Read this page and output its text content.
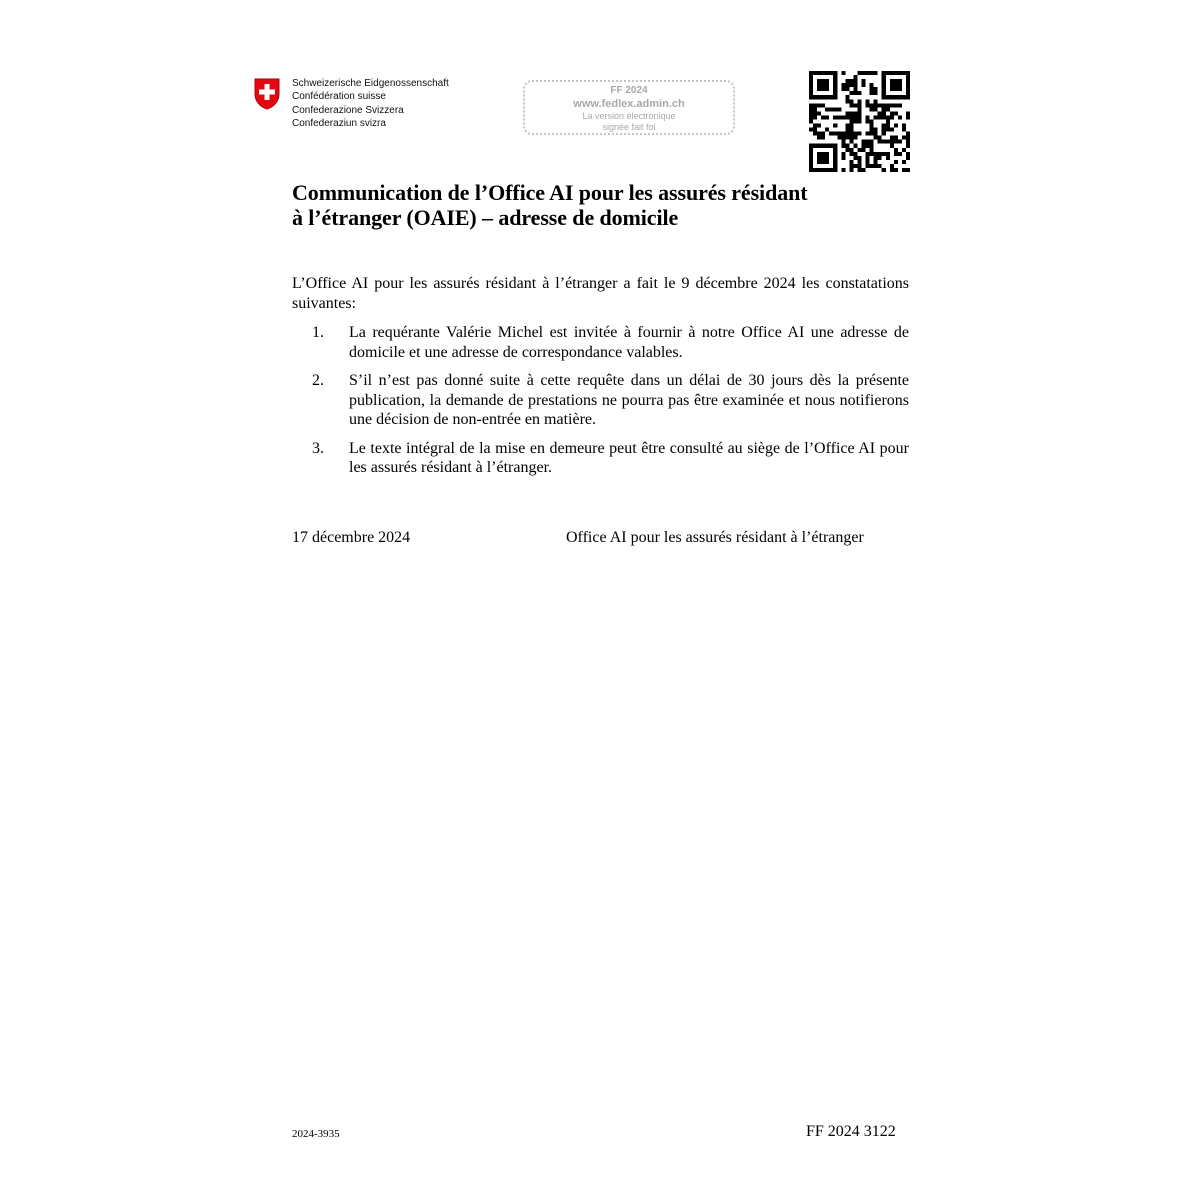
Schweizerische Eidgenossenschaft
Confédération suisse
Confederazione Svizzera
Confederaziun svizra
FF 2024
www.fedlex.admin.ch
La version électronique
signée fait foi
Communication de l’Office AI pour les assurés résidant
à l’étranger (OAIE) – adresse de domicile
L’Office AI pour les assurés résidant à l’étranger a fait le 9 décembre 2024 les constatations suivantes:
1. La requérante Valérie Michel est invitée à fournir à notre Office AI une adresse de domicile et une adresse de correspondance valables.
2. S’il n’est pas donné suite à cette requête dans un délai de 30 jours dès la présente publication, la demande de prestations ne pourra pas être examinée et nous notifierons une décision de non-entrée en matière.
3. Le texte intégral de la mise en demeure peut être consulté au siège de l’Office AI pour les assurés résidant à l’étranger.
17 décembre 2024	Office AI pour les assurés résidant à l’étranger
2024-3935	FF 2024 3122
